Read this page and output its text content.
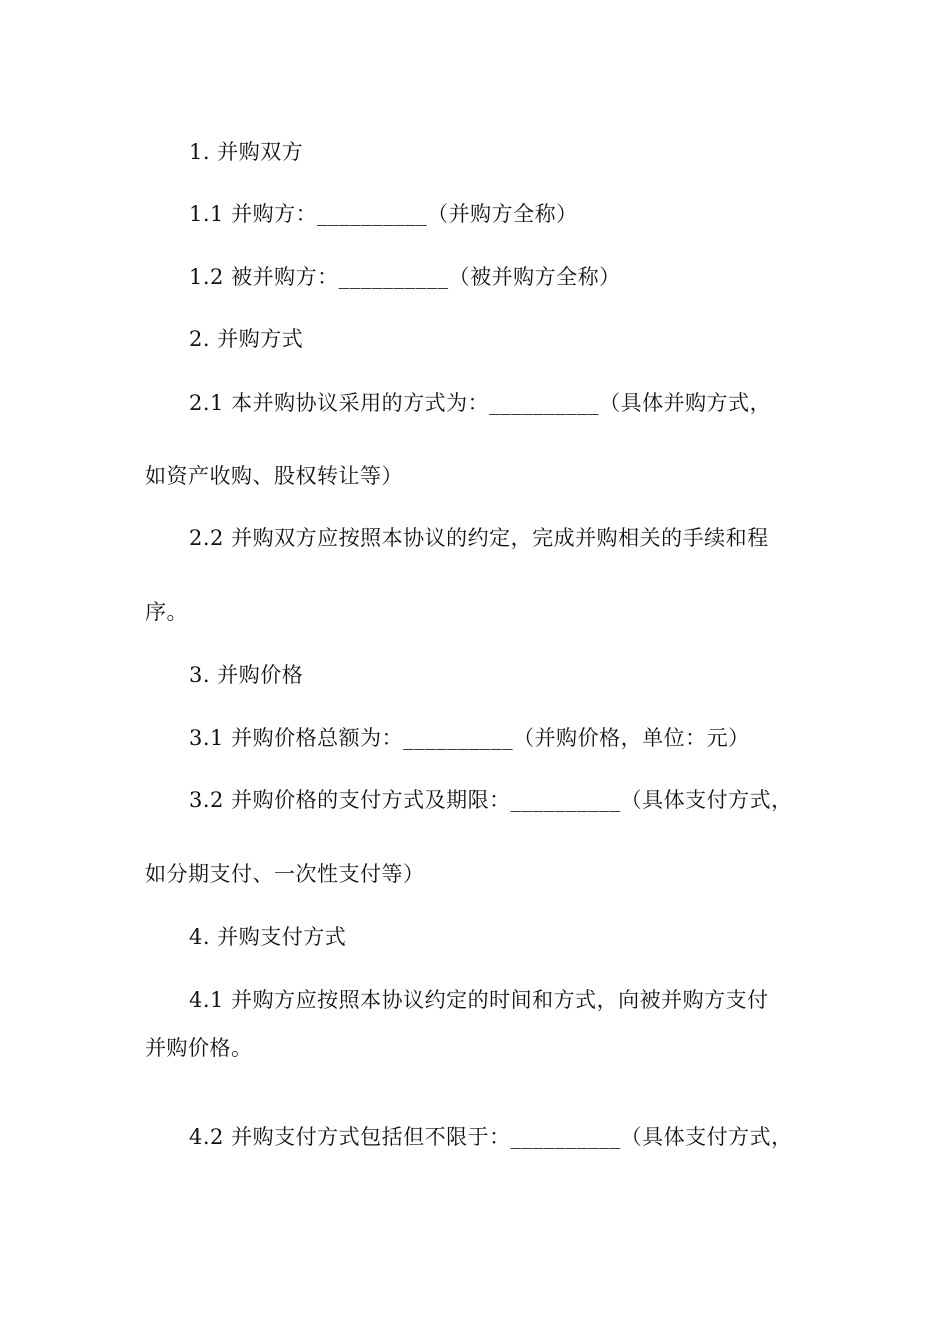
1. 并购双方
1.1 并购方：__________（并购方全称）
1.2 被并购方：__________（被并购方全称）
2. 并购方式
2.1 本并购协议采用的方式为：__________（具体并购方式，
如资产收购、股权转让等）
2.2 并购双方应按照本协议的约定，完成并购相关的手续和程
序。
3. 并购价格
3.1 并购价格总额为：__________（并购价格，单位：元）
3.2 并购价格的支付方式及期限：__________（具体支付方式，
如分期支付、一次性支付等）
4. 并购支付方式
4.1 并购方应按照本协议约定的时间和方式，向被并购方支付
并购价格。
4.2 并购支付方式包括但不限于：__________（具体支付方式，
